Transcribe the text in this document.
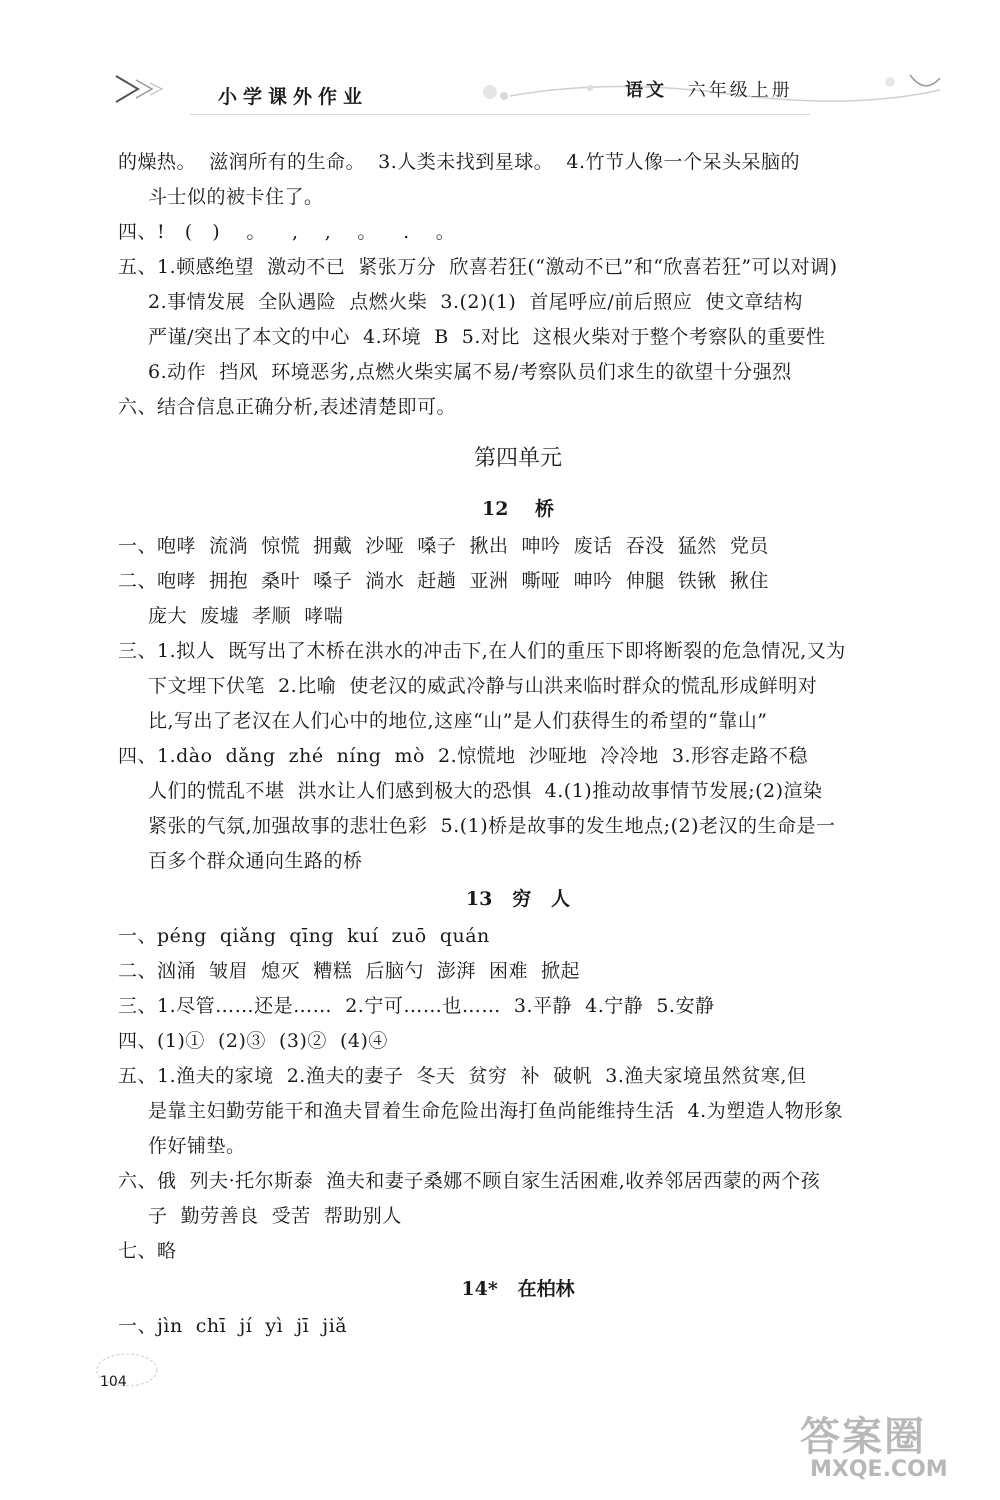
小学课外作业	语文 六年级上册
的燥热。  滋润所有的生命。  3.人类未找到星球。  4.竹节人像一个呆头呆脑的
斗士似的被卡住了。
四、!   (   )    。    ,    ,    。    .    。
五、1.顿感绝望  激动不已  紧张万分  欣喜若狂(“激动不已”和“欣喜若狂”可以对调)
2.事情发展  全队遇险  点燃火柴  3.(2)(1)  首尾呼应/前后照应  使文章结构
严谨/突出了本文的中心  4.环境  B  5.对比  这根火柴对于整个考察队的重要性
6.动作  挡风  环境恶劣,点燃火柴实属不易/考察队员们求生的欲望十分强烈
六、结合信息正确分析,表述清楚即可。
第四单元
12    桥
一、咆哮  流淌  惊慌  拥戴  沙哑  嗓子  揪出  呻吟  废话  吞没  猛然  党员
二、咆哮  拥抱  桑叶  嗓子  淌水  赶趟  亚洲  嘶哑  呻吟  伸腿  铁锹  揪住
庞大  废墟  孝顺  哮喘
三、1.拟人  既写出了木桥在洪水的冲击下,在人们的重压下即将断裂的危急情况,又为
下文埋下伏笔  2.比喻  使老汉的威武冷静与山洪来临时群众的慌乱形成鲜明对
比,写出了老汉在人们心中的地位,这座“山”是人们获得生的希望的“靠山”
四、1.dào  dǎng  zhé  níng  mò  2.惊慌地  沙哑地  冷冷地  3.形容走路不稳
人们的慌乱不堪  洪水让人们感到极大的恐惧  4.(1)推动故事情节发展;(2)渲染
紧张的气氛,加强故事的悲壮色彩  5.(1)桥是故事的发生地点;(2)老汉的生命是一
百多个群众通向生路的桥
13   穷   人
一、péng  qiǎng  qīng  kuí  zuō  quán
二、汹涌  皱眉  熄灭  糟糕  后脑勺  澎湃  困难  掀起
三、1.尽管……还是……  2.宁可……也……  3.平静  4.宁静  5.安静
四、(1)①  (2)③  (3)②  (4)④
五、1.渔夫的家境  2.渔夫的妻子  冬天  贫穷  补  破帆  3.渔夫家境虽然贫寒,但
是靠主妇勤劳能干和渔夫冒着生命危险出海打鱼尚能维持生活  4.为塑造人物形象
作好铺垫。
六、俄  列夫·托尔斯泰  渔夫和妻子桑娜不顾自家生活困难,收养邻居西蒙的两个孩
子  勤劳善良  受苦  帮助别人
七、略
14*   在柏林
一、jìn  chī  jí  yì  jī  jiǎ
104
答案圈
MXQE.COM
